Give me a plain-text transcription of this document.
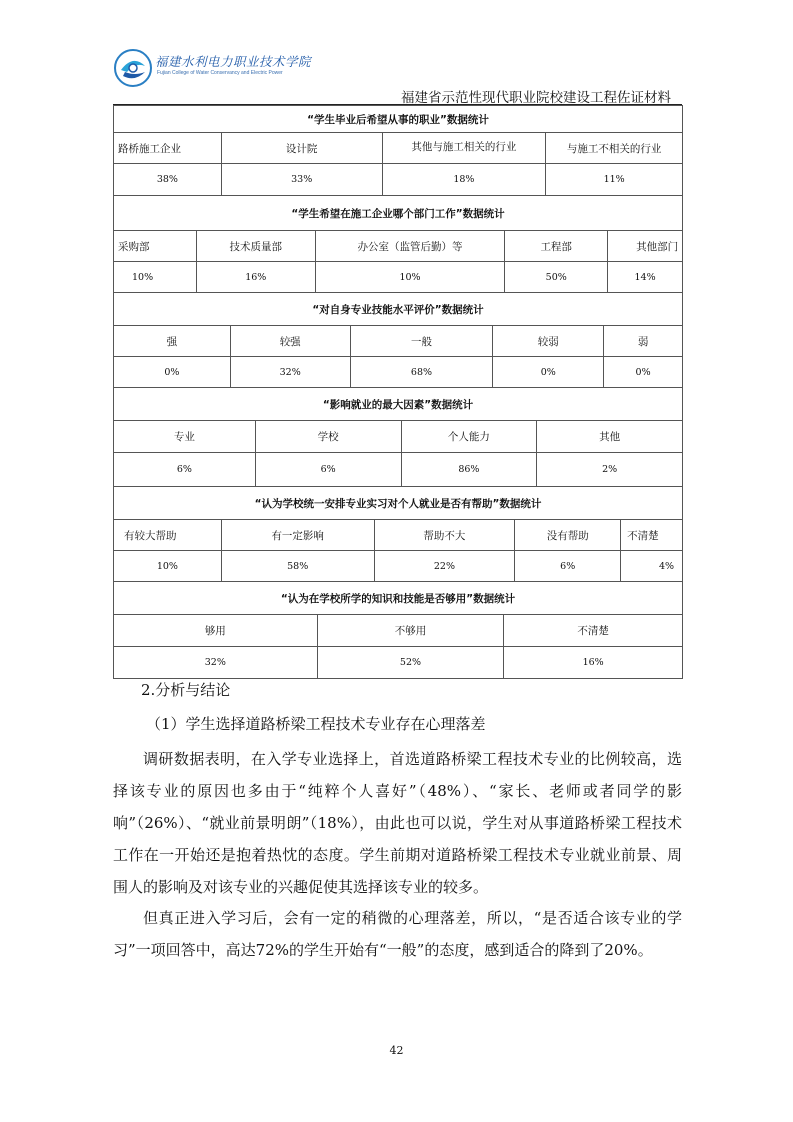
福建水利电力职业技术学院
Fujian College of Water Conservancy and Electric Power
福建省示范性现代职业院校建设工程佐证材料
“学生毕业后希望从事的职业”数据统计

路桥施工企业	设计院	其他与施工相关的行业	与施工不相关的行业
38%	33%	18%	11%

“学生希望在施工企业哪个部门工作”数据统计

采购部	技术质量部	办公室（监管后勤）等	工程部	其他部门
10%	16%	10%	50%	14%

“对自身专业技能水平评价”数据统计

强	较强	一般	较弱	弱
0%	32%	68%	0%	0%

“影响就业的最大因素”数据统计

专业	学校	个人能力	其他
6%	6%	86%	2%

“认为学校统一安排专业实习对个人就业是否有帮助”数据统计

有较大帮助	有一定影响	帮助不大	没有帮助	不清楚
10%	58%	22%	6%	4%

“认为在学校所学的知识和技能是否够用”数据统计

够用	不够用	不清楚
32%	52%	16%
2.分析与结论
（1）学生选择道路桥梁工程技术专业存在心理落差
调研数据表明，在入学专业选择上，首选道路桥梁工程技术专业的比例较高，选择该专业的原因也多由于“纯粹个人喜好”（48%）、“家长、老师或者同学的影响”（26%）、“就业前景明朗”（18%），由此也可以说，学生对从事道路桥梁工程技术工作在一开始还是抱着热忱的态度。学生前期对道路桥梁工程技术专业就业前景、周围人的影响及对该专业的兴趣促使其选择该专业的较多。
但真正进入学习后，会有一定的稍微的心理落差，所以，“是否适合该专业的学习”一项回答中，高达72%的学生开始有“一般”的态度，感到适合的降到了20%。
42
